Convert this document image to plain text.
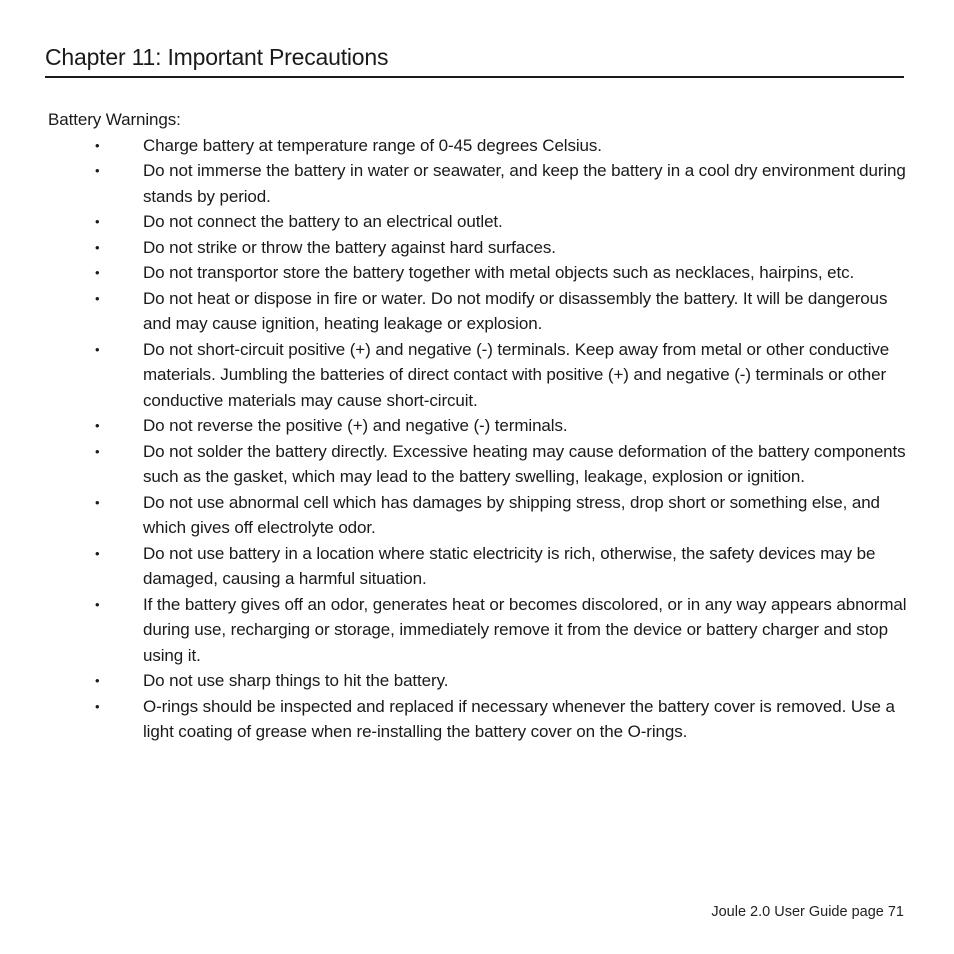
Chapter 11: Important Precautions

Battery Warnings:

•	Charge battery at temperature range of 0-45 degrees Celsius.
•	Do not immerse the battery in water or seawater, and keep the battery in a cool dry environment during stands by period.
•	Do not connect the battery to an electrical outlet.
•	Do not strike or throw the battery against hard surfaces.
•	Do not transportor store the battery together with metal objects such as necklaces, hairpins, etc.
•	Do not heat or dispose in fire or water. Do not modify or disassembly the battery. It will be dangerous and may cause ignition, heating leakage or explosion.
•	Do not short-circuit positive (+) and negative (-) terminals. Keep away from metal or other conductive materials. Jumbling the batteries of direct contact with positive (+) and negative (-) terminals or other conductive materials may cause short-circuit.
•	Do not reverse the positive (+) and negative (-) terminals.
•	Do not solder the battery directly. Excessive heating may cause deformation of the battery components such as the gasket, which may lead to the battery swelling, leakage, explosion or ignition.
•	Do not use abnormal cell which has damages by shipping stress, drop short or something else, and which gives off electrolyte odor.
•	Do not use battery in a location where static electricity is rich, otherwise, the safety devices may be damaged, causing a harmful situation.
•	If the battery gives off an odor, generates heat or becomes discolored, or in any way appears abnormal during use, recharging or storage, immediately remove it from the device or battery charger and stop using it.
•	Do not use sharp things to hit the battery.
•	O-rings should be inspected and replaced if necessary whenever the battery cover is removed. Use a light coating of grease when re-installing the battery cover on the O-rings.
Joule 2.0 User Guide page 71
